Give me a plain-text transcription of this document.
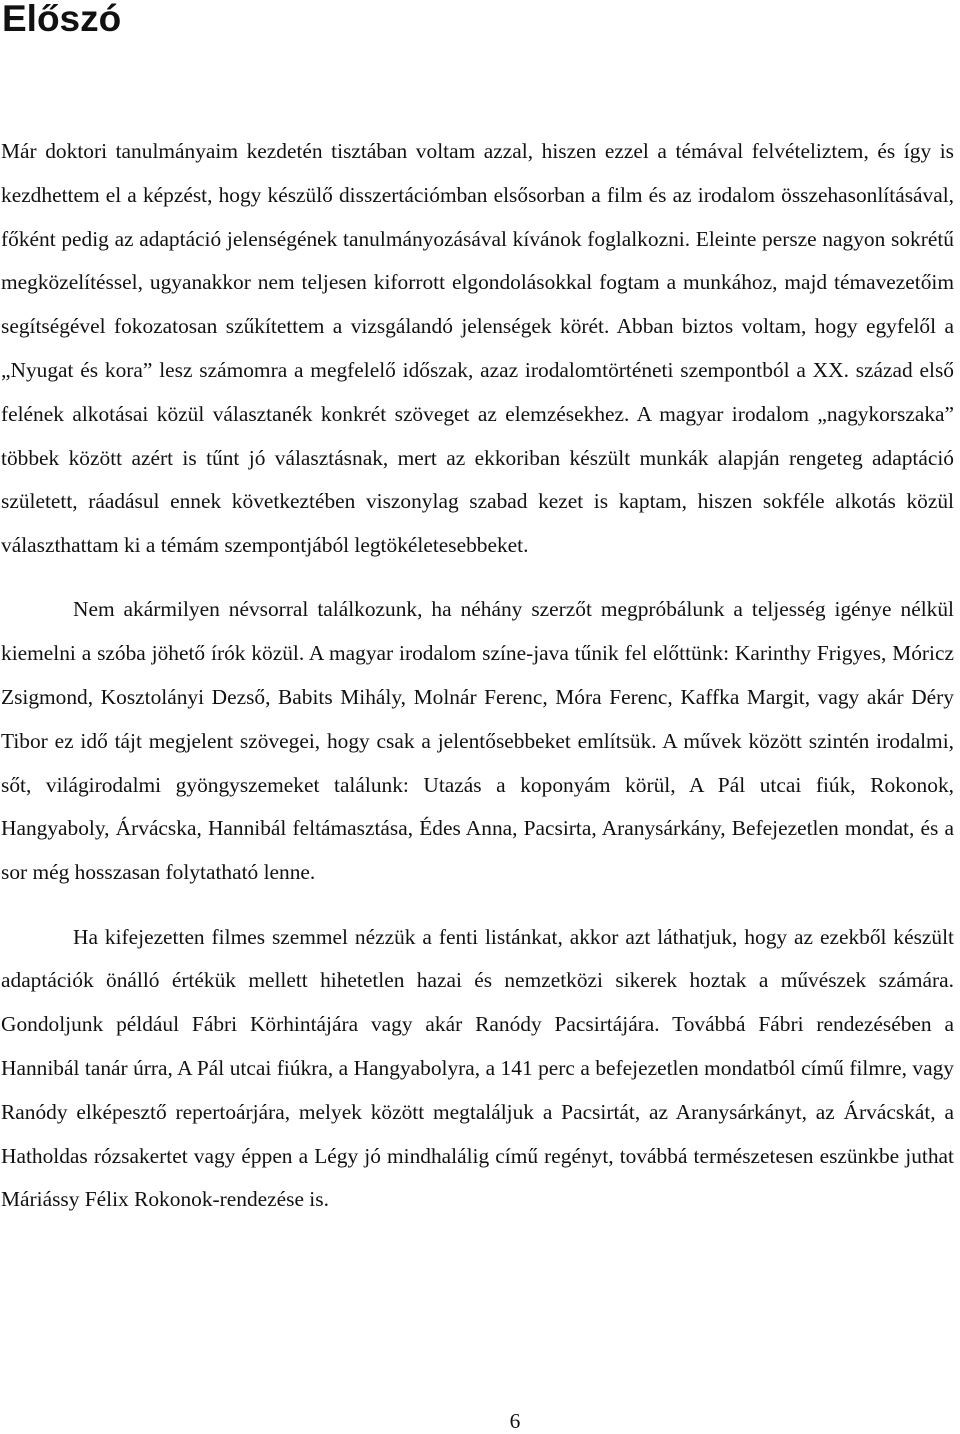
Előszó

Már doktori tanulmányaim kezdetén tisztában voltam azzal, hiszen ezzel a témával felvételiztem, és így is kezdhettem el a képzést, hogy készülő disszertációmban elsősorban a film és az irodalom összehasonlításával, főként pedig az adaptáció jelenségének tanulmányozásával kívánok foglalkozni. Eleinte persze nagyon sokrétű megközelítéssel, ugyanakkor nem teljesen kiforrott elgondolásokkal fogtam a munkához, majd témavezetőim segítségével fokozatosan szűkítettem a vizsgálandó jelenségek körét. Abban biztos voltam, hogy egyfelől a „Nyugat és kora” lesz számomra a megfelelő időszak, azaz irodalomtörténeti szempontból a XX. század első felének alkotásai közül választanék konkrét szöveget az elemzésekhez. A magyar irodalom „nagykorszaka” többek között azért is tűnt jó választásnak, mert az ekkoriban készült munkák alapján rengeteg adaptáció született, ráadásul ennek következtében viszonylag szabad kezet is kaptam, hiszen sokféle alkotás közül választhattam ki a témám szempontjából legtökéletesebbeket.

Nem akármilyen névsorral találkozunk, ha néhány szerzőt megpróbálunk a teljesség igénye nélkül kiemelni a szóba jöhető írók közül. A magyar irodalom színe-java tűnik fel előttünk: Karinthy Frigyes, Móricz Zsigmond, Kosztolányi Dezső, Babits Mihály, Molnár Ferenc, Móra Ferenc, Kaffka Margit, vagy akár Déry Tibor ez idő tájt megjelent szövegei, hogy csak a jelentősebbeket említsük. A művek között szintén irodalmi, sőt, világirodalmi gyöngyszemeket találunk: Utazás a koponyám körül, A Pál utcai fiúk, Rokonok, Hangyaboly, Árvácska, Hannibál feltámasztása, Édes Anna, Pacsirta, Aranysárkány, Befejezetlen mondat, és a sor még hosszasan folytatható lenne.

Ha kifejezetten filmes szemmel nézzük a fenti listánkat, akkor azt láthatjuk, hogy az ezekből készült adaptációk önálló értékük mellett hihetetlen hazai és nemzetközi sikerek hoztak a művészek számára. Gondoljunk például Fábri Körhintájára vagy akár Ranódy Pacsirtájára. Továbbá Fábri rendezésében a Hannibál tanár úrra, A Pál utcai fiúkra, a Hangyabolyra, a 141 perc a befejezetlen mondatból című filmre, vagy Ranódy elképesztő repertoárjára, melyek között megtaláljuk a Pacsirtát, az Aranysárkányt, az Árvácskát, a Hatholdas rózsakertet vagy éppen a Légy jó mindhalálig című regényt, továbbá természetesen eszünkbe juthat Máriássy Félix Rokonok-rendezése is.

6
